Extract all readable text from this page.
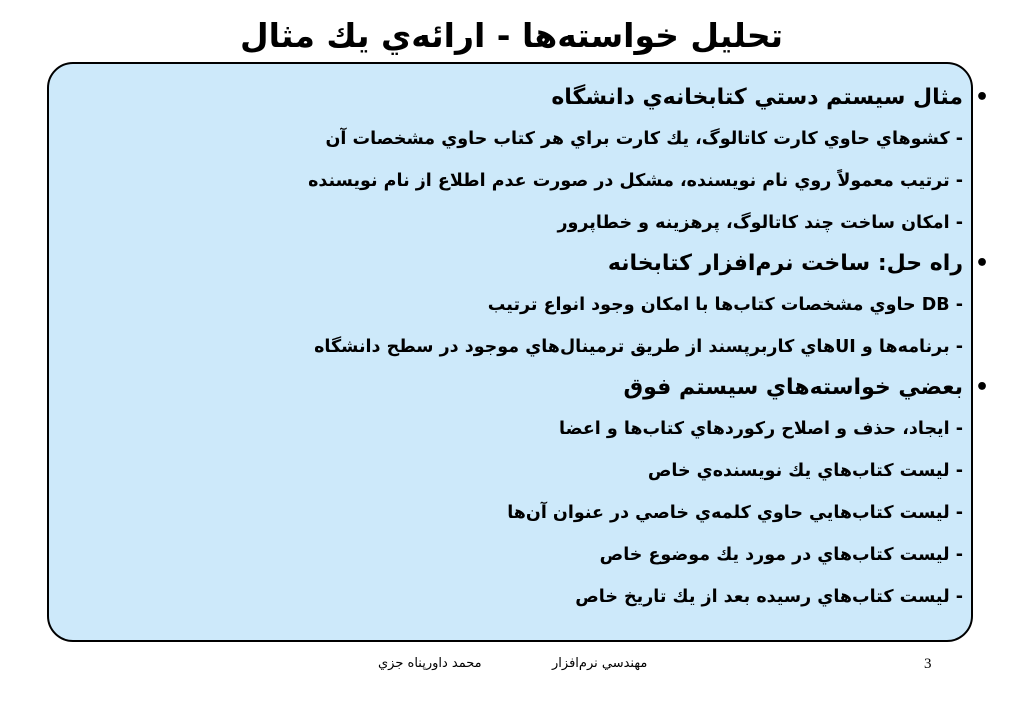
تحليل خواسته‌ها - ارائه‌ي يك مثال
•
مثال سيستم دستي كتابخانه‌ي دانشگاه
- كشوهاي حاوي كارت كاتالوگ، يك كارت براي هر كتاب حاوي مشخصات آن
- ترتيب معمولاً روي نام نويسنده، مشكل در صورت عدم اطلاع از نام نويسنده
- امكان ساخت چند كاتالوگ، پرهزينه و خطاپرور
•
راه حل: ساخت نرم‌افزار كتابخانه
- DB حاوي مشخصات كتاب‌ها با امكان وجود انواع ترتيب
- برنامه‌ها و UIهاي كاربرپسند از طريق ترمينال‌هاي موجود در سطح دانشگاه
•
بعضي خواسته‌هاي سيستم فوق
- ايجاد، حذف و اصلاح ركوردهاي كتاب‌ها و اعضا
- ليست كتاب‌هاي يك نويسنده‌ي خاص
- ليست كتاب‌هايي حاوي كلمه‌ي خاصي در عنوان آن‌ها
- ليست كتاب‌هاي در مورد يك موضوع خاص
- ليست كتاب‌هاي رسيده بعد از يك تاريخ خاص
محمد داورپناه جزي	مهندسي نرم‌افزار	3
